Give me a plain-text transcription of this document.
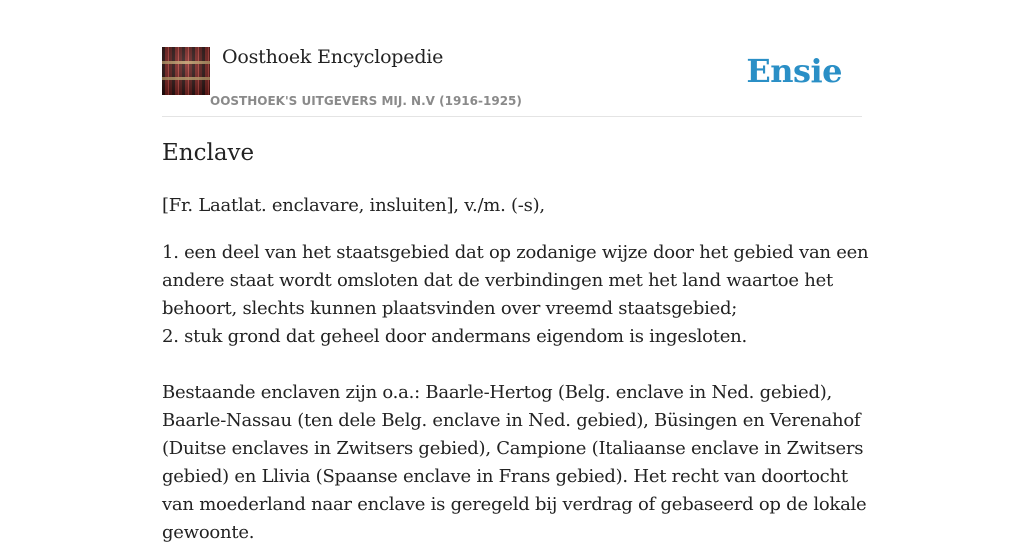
Oosthoek Encyclopedie
OOSTHOEK'S UITGEVERS MIJ. N.V (1916-1925)
Ensie
Enclave

[Fr. Laatlat. enclavare, insluiten], v./m. (-s),

1. een deel van het staatsgebied dat op zodanige wijze door het gebied van een andere staat wordt omsloten dat de verbindingen met het land waartoe het behoort, slechts kunnen plaatsvinden over vreemd staatsgebied;

2. stuk grond dat geheel door andermans eigendom is ingesloten.

Bestaande enclaven zijn o.a.: Baarle-Hertog (Belg. enclave in Ned. gebied), Baarle-Nassau (ten dele Belg. enclave in Ned. gebied), Büsingen en Verenahof (Duitse enclaves in Zwitsers gebied), Campione (Italiaanse enclave in Zwitsers gebied) en Llivia (Spaanse enclave in Frans gebied). Het recht van doortocht van moederland naar enclave is geregeld bij verdrag of gebaseerd op de lokale gewoonte.
